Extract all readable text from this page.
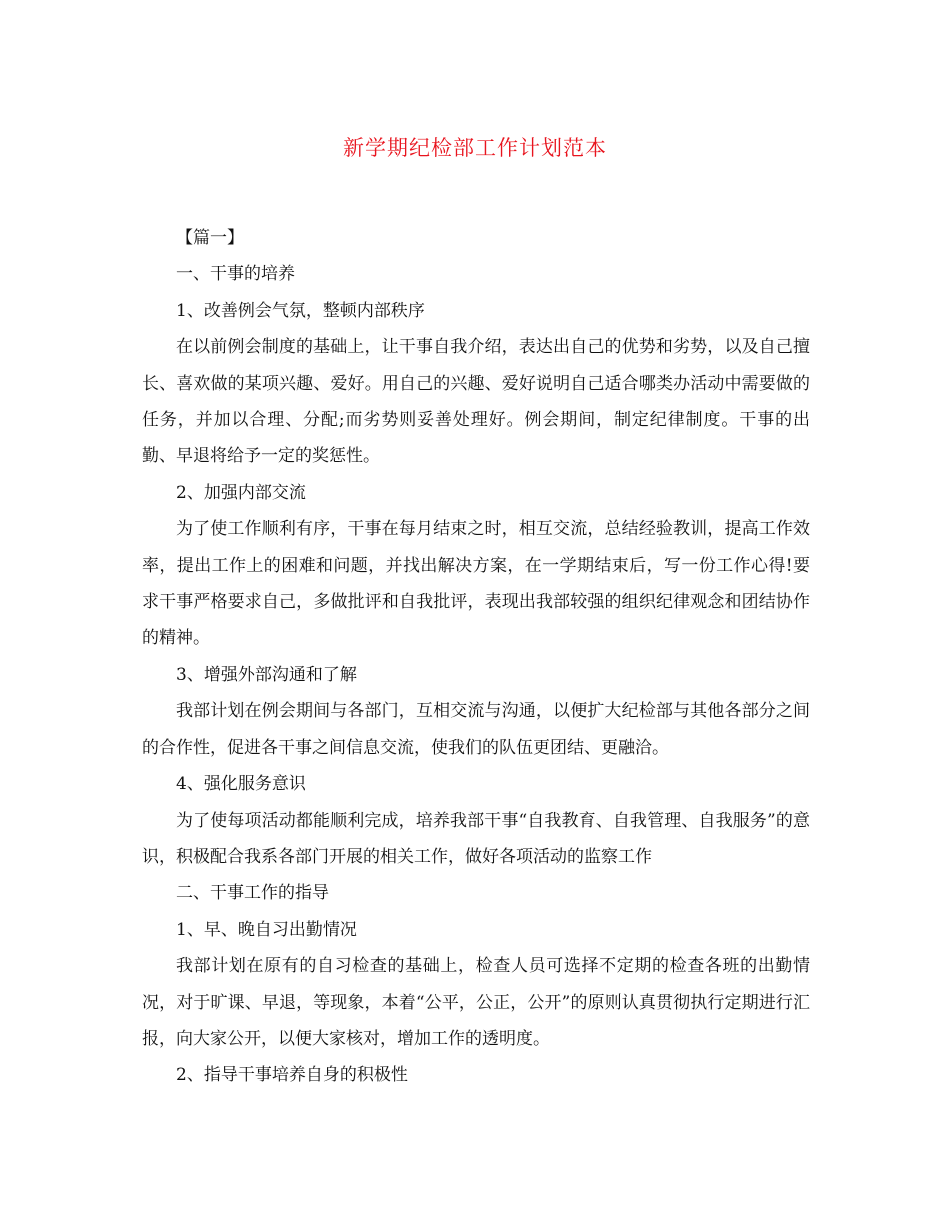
新学期纪检部工作计划范本

【篇一】

一、干事的培养

1、改善例会气氛，整顿内部秩序

在以前例会制度的基础上，让干事自我介绍，表达出自己的优势和劣势，以及自己擅长、喜欢做的某项兴趣、爱好。用自己的兴趣、爱好说明自己适合哪类办活动中需要做的任务，并加以合理、分配;而劣势则妥善处理好。例会期间，制定纪律制度。干事的出勤、早退将给予一定的奖惩性。

2、加强内部交流

为了使工作顺利有序，干事在每月结束之时，相互交流，总结经验教训，提高工作效率，提出工作上的困难和问题，并找出解决方案，在一学期结束后，写一份工作心得!要求干事严格要求自己，多做批评和自我批评，表现出我部较强的组织纪律观念和团结协作的精神。

3、增强外部沟通和了解

我部计划在例会期间与各部门，互相交流与沟通，以便扩大纪检部与其他各部分之间的合作性，促进各干事之间信息交流，使我们的队伍更团结、更融洽。

4、强化服务意识

为了使每项活动都能顺利完成，培养我部干事“自我教育、自我管理、自我服务”的意识，积极配合我系各部门开展的相关工作，做好各项活动的监察工作

二、干事工作的指导

1、早、晚自习出勤情况

我部计划在原有的自习检查的基础上，检查人员可选择不定期的检查各班的出勤情况，对于旷课、早退，等现象，本着“公平，公正，公开”的原则认真贯彻执行定期进行汇报，向大家公开，以便大家核对，增加工作的透明度。

2、指导干事培养自身的积极性
